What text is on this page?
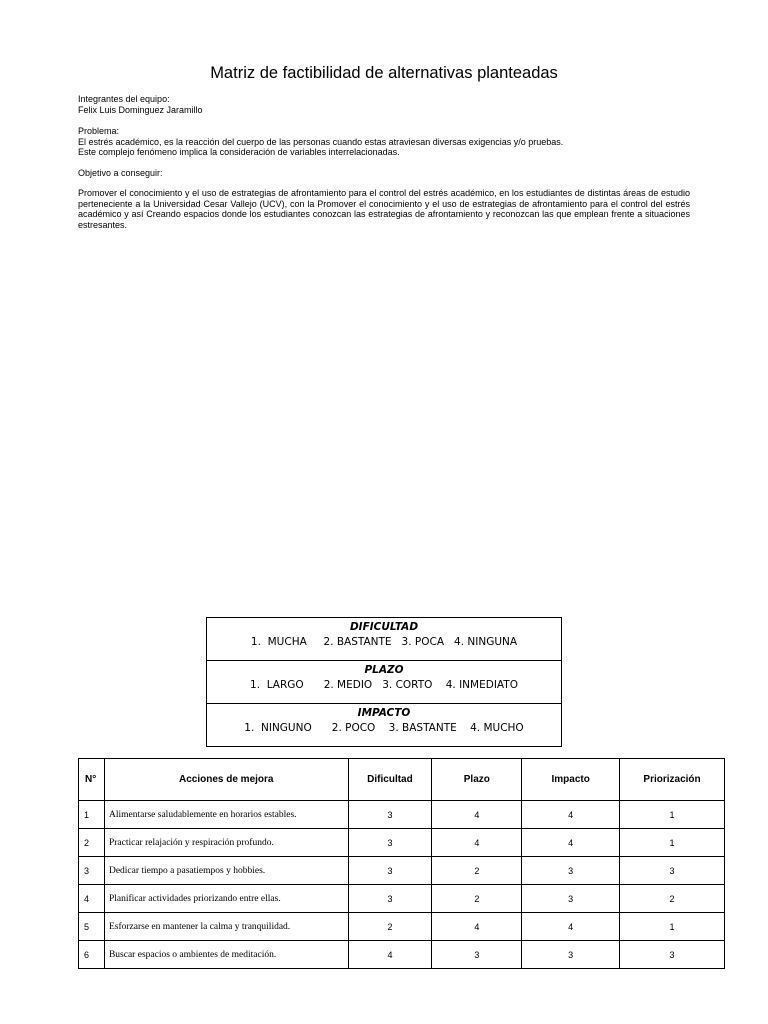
Matriz de factibilidad de alternativas planteadas

Integrantes del equipo:

Felix Luis Dominguez Jaramillo

Problema:

El estrés académico, es la reacción del cuerpo de las personas cuando estas atraviesan diversas exigencias y/o pruebas.

Este complejo fenómeno implica la consideración de variables interrelacionadas.

Objetivo a conseguir:

Promover el conocimiento y el uso de estrategias de afrontamiento para el control del estrés académico, en los estudiantes de distintas áreas de estudio perteneciente a la Universidad Cesar Vallejo (UCV), con la Promover el conocimiento y el uso de estrategias de afrontamiento para el control del estrés académico y así Creando espacios donde los estudiantes conozcan las estrategias de afrontamiento y reconozcan las que emplean frente a situaciones estresantes.

DIFICULTAD
1.  MUCHA     2. BASTANTE   3. POCA   4. NINGUNA
PLAZO
1.  LARGO      2. MEDIO   3. CORTO    4. INMEDIATO
IMPACTO
1.  NINGUNO      2. POCO    3. BASTANTE    4. MUCHO
N°	Acciones de mejora	Dificultad	Plazo	Impacto	Priorización
1	Alimentarse saludablemente en horarios estables.	3	4	4	1
2	Practicar relajación y respiración profundo.	3	4	4	1
3	Dedicar tiempo a pasatiempos y hobbies.	3	2	3	3
4	Planificar actividades priorizando entre ellas.	3	2	3	2
5	Esforzarse en mantener la calma y tranquilidad.	2	4	4	1
6	Buscar espacios o ambientes de meditación.	4	3	3	3
